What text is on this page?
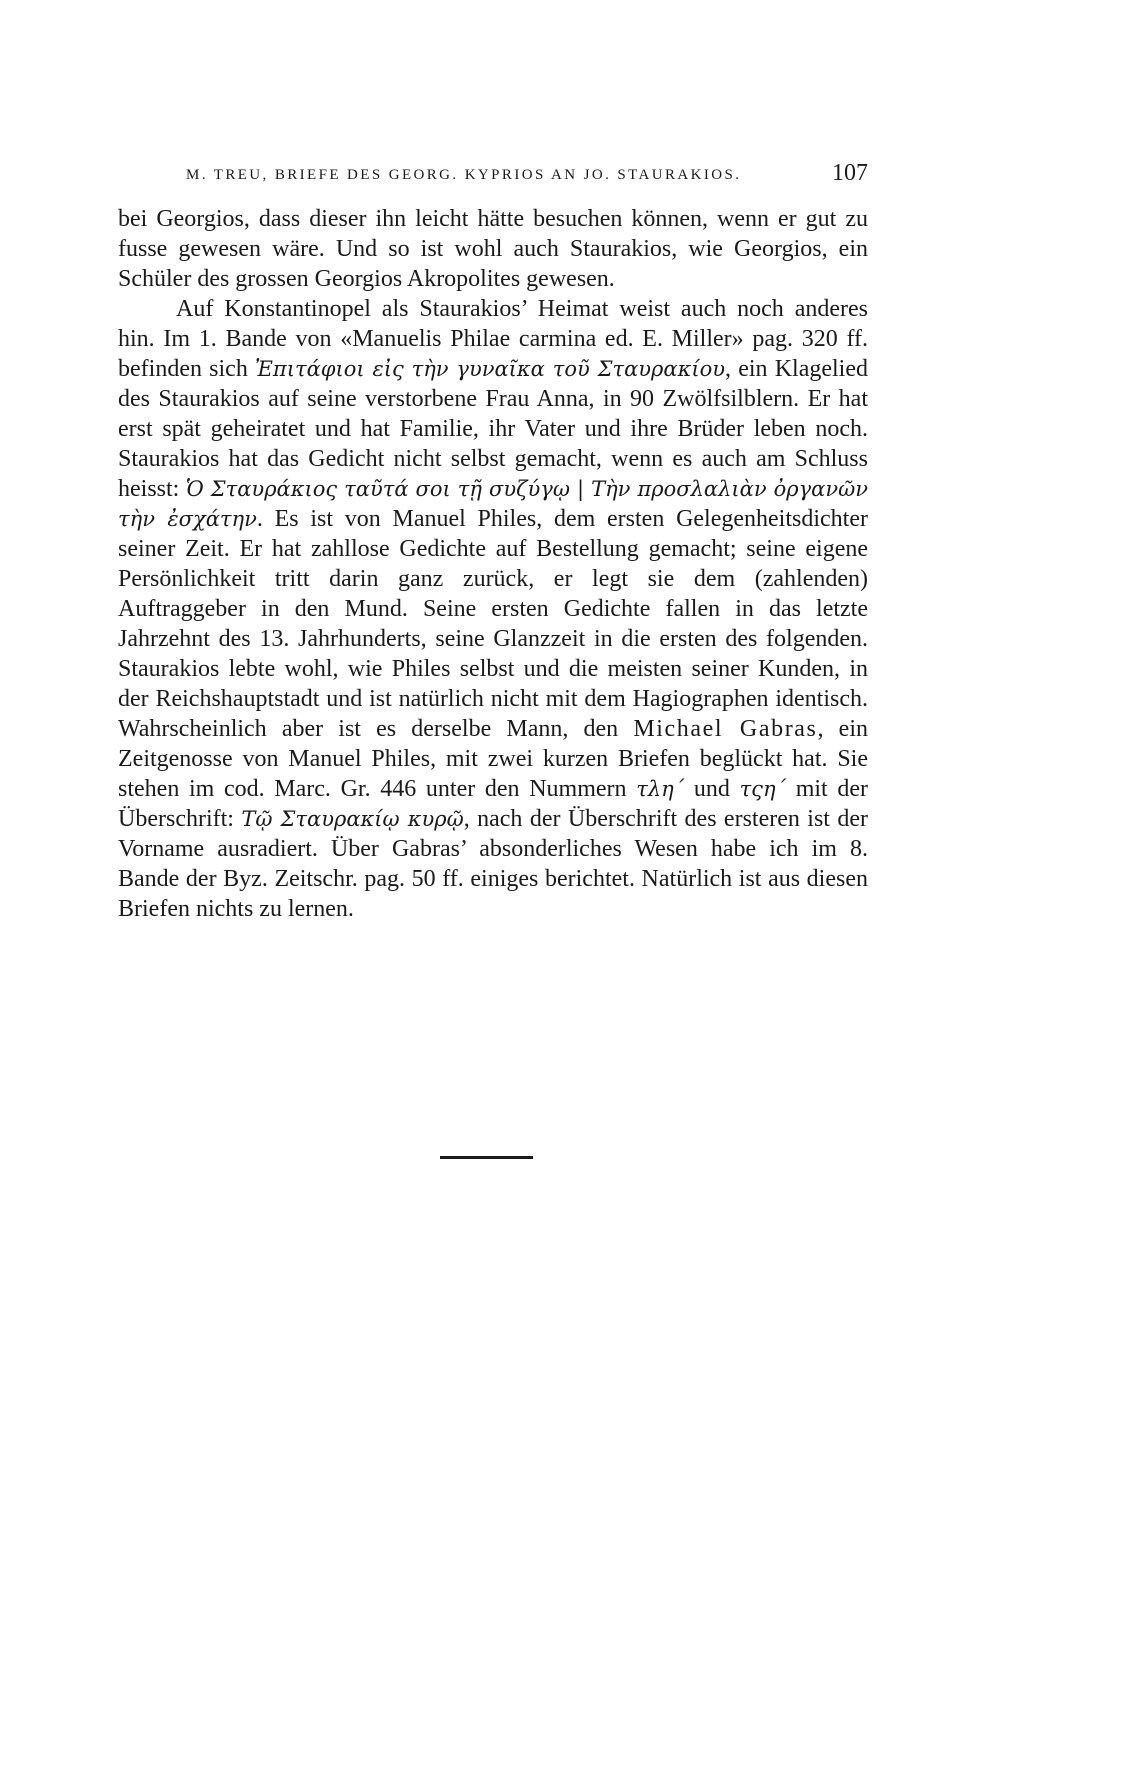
M. TREU, BRIEFE DES GEORG. KYPRIOS AN JO. STAURAKIOS.	107

bei Georgios, dass dieser ihn leicht hätte besuchen können, wenn er gut zu fusse gewesen wäre. Und so ist wohl auch Staurakios, wie Georgios, ein Schüler des grossen Georgios Akropolites gewesen.

Auf Konstantinopel als Staurakios’ Heimat weist auch noch anderes hin. Im 1. Bande von «Manuelis Philae carmina ed. E. Miller» pag. 320 ff. befinden sich Ἐπιτάφιοι εἰς τὴν γυναῖκα τοῦ Σταυρακίου, ein Klagelied des Staurakios auf seine verstorbene Frau Anna, in 90 Zwölfsilblern. Er hat erst spät geheiratet und hat Familie, ihr Vater und ihre Brüder leben noch. Staurakios hat das Gedicht nicht selbst gemacht, wenn es auch am Schluss heisst: Ὁ Σταυράκιος ταῦτά σοι τῇ συζύγῳ | Τὴν προσλαλιὰν ὀργανῶν τὴν ἐσχάτην. Es ist von Manuel Philes, dem ersten Gelegenheitsdichter seiner Zeit. Er hat zahllose Gedichte auf Bestellung gemacht; seine eigene Persönlichkeit tritt darin ganz zurück, er legt sie dem (zahlenden) Auftraggeber in den Mund. Seine ersten Gedichte fallen in das letzte Jahrzehnt des 13. Jahrhunderts, seine Glanzzeit in die ersten des folgenden. Staurakios lebte wohl, wie Philes selbst und die meisten seiner Kunden, in der Reichshauptstadt und ist natürlich nicht mit dem Hagiographen identisch. Wahrscheinlich aber ist es derselbe Mann, den Michael Gabras, ein Zeitgenosse von Manuel Philes, mit zwei kurzen Briefen beglückt hat. Sie stehen im cod. Marc. Gr. 446 unter den Nummern τλη´ und τςη´ mit der Überschrift: Τῷ Σταυρακίῳ κυρῷ, nach der Überschrift des ersteren ist der Vorname ausradiert. Über Gabras’ absonderliches Wesen habe ich im 8. Bande der Byz. Zeitschr. pag. 50 ff. einiges berichtet. Natürlich ist aus diesen Briefen nichts zu lernen.
